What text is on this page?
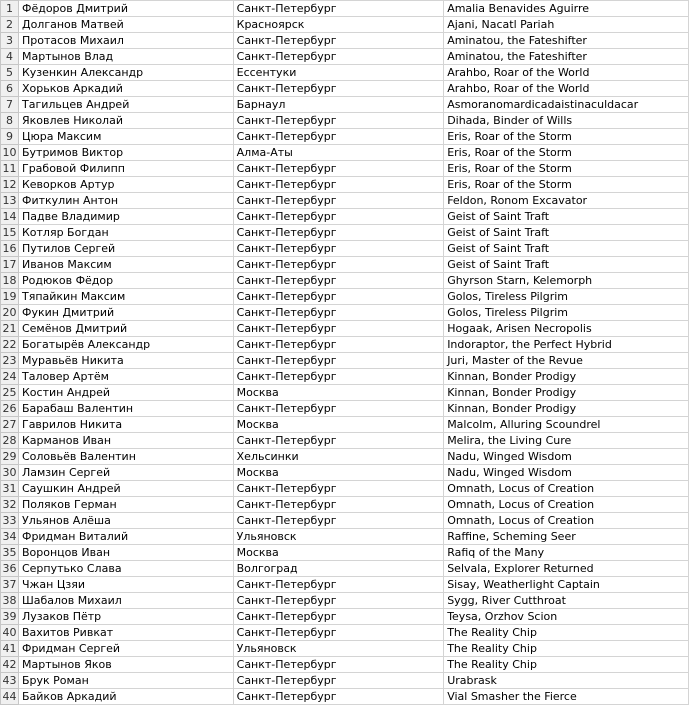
1	Фёдоров Дмитрий	Санкт-Петербург	Amalia Benavides Aguirre
2	Долганов Матвей	Красноярск	Ajani, Nacatl Pariah
3	Протасов Михаил	Санкт-Петербург	Aminatou, the Fateshifter
4	Мартынов Влад	Санкт-Петербург	Aminatou, the Fateshifter
5	Кузенкин Александр	Ессентуки	Arahbo, Roar of the World
6	Хорьков Аркадий	Санкт-Петербург	Arahbo, Roar of the World
7	Тагильцев Андрей	Барнаул	Asmoranomardicadaistinaculdacar
8	Яковлев Николай	Санкт-Петербург	Dihada, Binder of Wills
9	Цюра Максим	Санкт-Петербург	Eris, Roar of the Storm
10	Бутримов Виктор	Алма-Аты	Eris, Roar of the Storm
11	Грабовой Филипп	Санкт-Петербург	Eris, Roar of the Storm
12	Кеворков Артур	Санкт-Петербург	Eris, Roar of the Storm
13	Фиткулин Антон	Санкт-Петербург	Feldon, Ronom Excavator
14	Падве Владимир	Санкт-Петербург	Geist of Saint Traft
15	Котляр Богдан	Санкт-Петербург	Geist of Saint Traft
16	Путилов Сергей	Санкт-Петербург	Geist of Saint Traft
17	Иванов Максим	Санкт-Петербург	Geist of Saint Traft
18	Родюков Фёдор	Санкт-Петербург	Ghyrson Starn, Kelemorph
19	Тяпайкин Максим	Санкт-Петербург	Golos, Tireless Pilgrim
20	Фукин Дмитрий	Санкт-Петербург	Golos, Tireless Pilgrim
21	Семёнов Дмитрий	Санкт-Петербург	Hogaak, Arisen Necropolis
22	Богатырёв Александр	Санкт-Петербург	Indoraptor, the Perfect Hybrid
23	Муравьёв Никита	Санкт-Петербург	Juri, Master of the Revue
24	Таловер Артём	Санкт-Петербург	Kinnan, Bonder Prodigy
25	Костин Андрей	Москва	Kinnan, Bonder Prodigy
26	Барабаш Валентин	Санкт-Петербург	Kinnan, Bonder Prodigy
27	Гаврилов Никита	Москва	Malcolm, Alluring Scoundrel
28	Карманов Иван	Санкт-Петербург	Melira, the Living Cure
29	Соловьёв Валентин	Хельсинки	Nadu, Winged Wisdom
30	Ламзин Сергей	Москва	Nadu, Winged Wisdom
31	Саушкин Андрей	Санкт-Петербург	Omnath, Locus of Creation
32	Поляков Герман	Санкт-Петербург	Omnath, Locus of Creation
33	Ульянов Алёша	Санкт-Петербург	Omnath, Locus of Creation
34	Фридман Виталий	Ульяновск	Raffine, Scheming Seer
35	Воронцов Иван	Москва	Rafiq of the Many
36	Серпутько Слава	Волгоград	Selvala, Explorer Returned
37	Чжан Цзяи	Санкт-Петербург	Sisay, Weatherlight Captain
38	Шабалов Михаил	Санкт-Петербург	Sygg, River Cutthroat
39	Лузаков Пётр	Санкт-Петербург	Teysa, Orzhov Scion
40	Вахитов Ривкат	Санкт-Петербург	The Reality Chip
41	Фридман Сергей	Ульяновск	The Reality Chip
42	Мартынов Яков	Санкт-Петербург	The Reality Chip
43	Брук Роман	Санкт-Петербург	Urabrask
44	Байков Аркадий	Санкт-Петербург	Vial Smasher the Fierce
